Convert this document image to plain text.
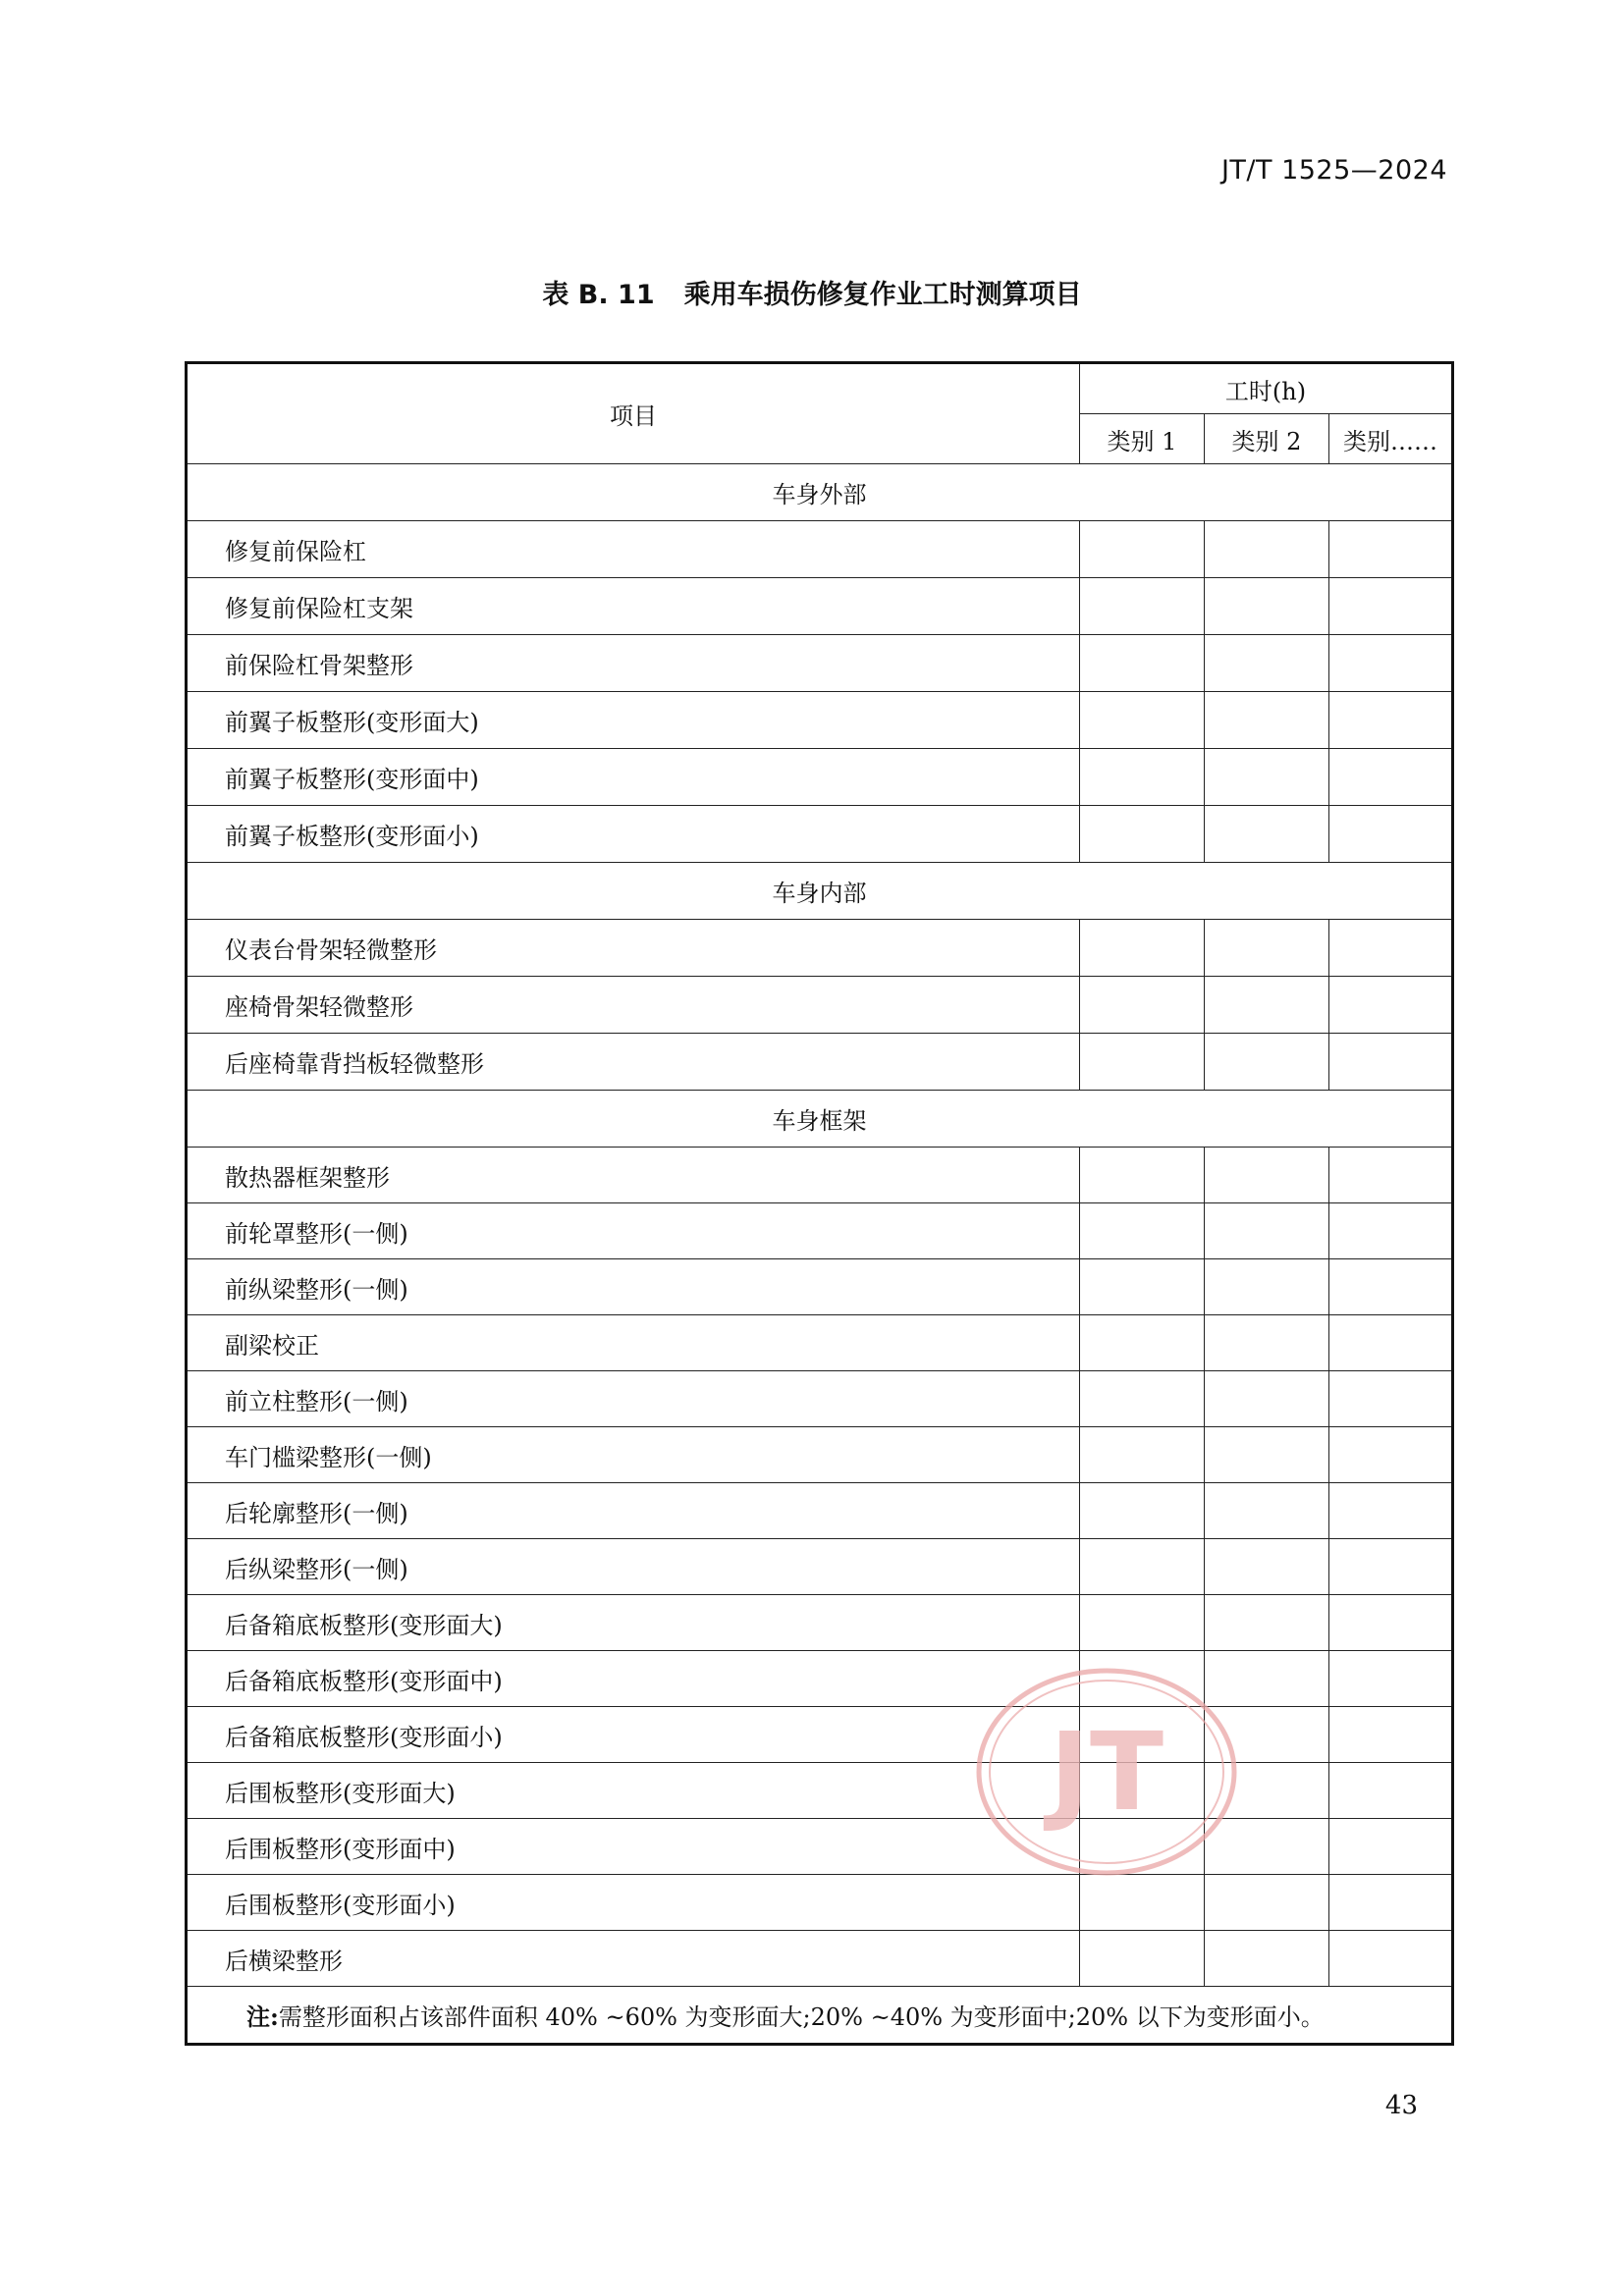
JT/T 1525—2024
表 B. 11 乘用车损伤修复作业工时测算项目
项目	工时(h)		
	类别 1	类别 2	类别……
车身外部			
修复前保险杠			
修复前保险杠支架			
前保险杠骨架整形			
前翼子板整形(变形面大)			
前翼子板整形(变形面中)			
前翼子板整形(变形面小)			
车身内部			
仪表台骨架轻微整形			
座椅骨架轻微整形			
后座椅靠背挡板轻微整形			
车身框架			
散热器框架整形			
前轮罩整形(一侧)			
前纵梁整形(一侧)			
副梁校正			
前立柱整形(一侧)			
车门槛梁整形(一侧)			
后轮廓整形(一侧)			
后纵梁整形(一侧)			
后备箱底板整形(变形面大)			
后备箱底板整形(变形面中)			
后备箱底板整形(变形面小)			
后围板整形(变形面大)			
后围板整形(变形面中)			
后围板整形(变形面小)			
后横梁整形			
注:需整形面积占该部件面积 40% ~60% 为变形面大;20% ~40% 为变形面中;20% 以下为变形面小。			
JT
43
